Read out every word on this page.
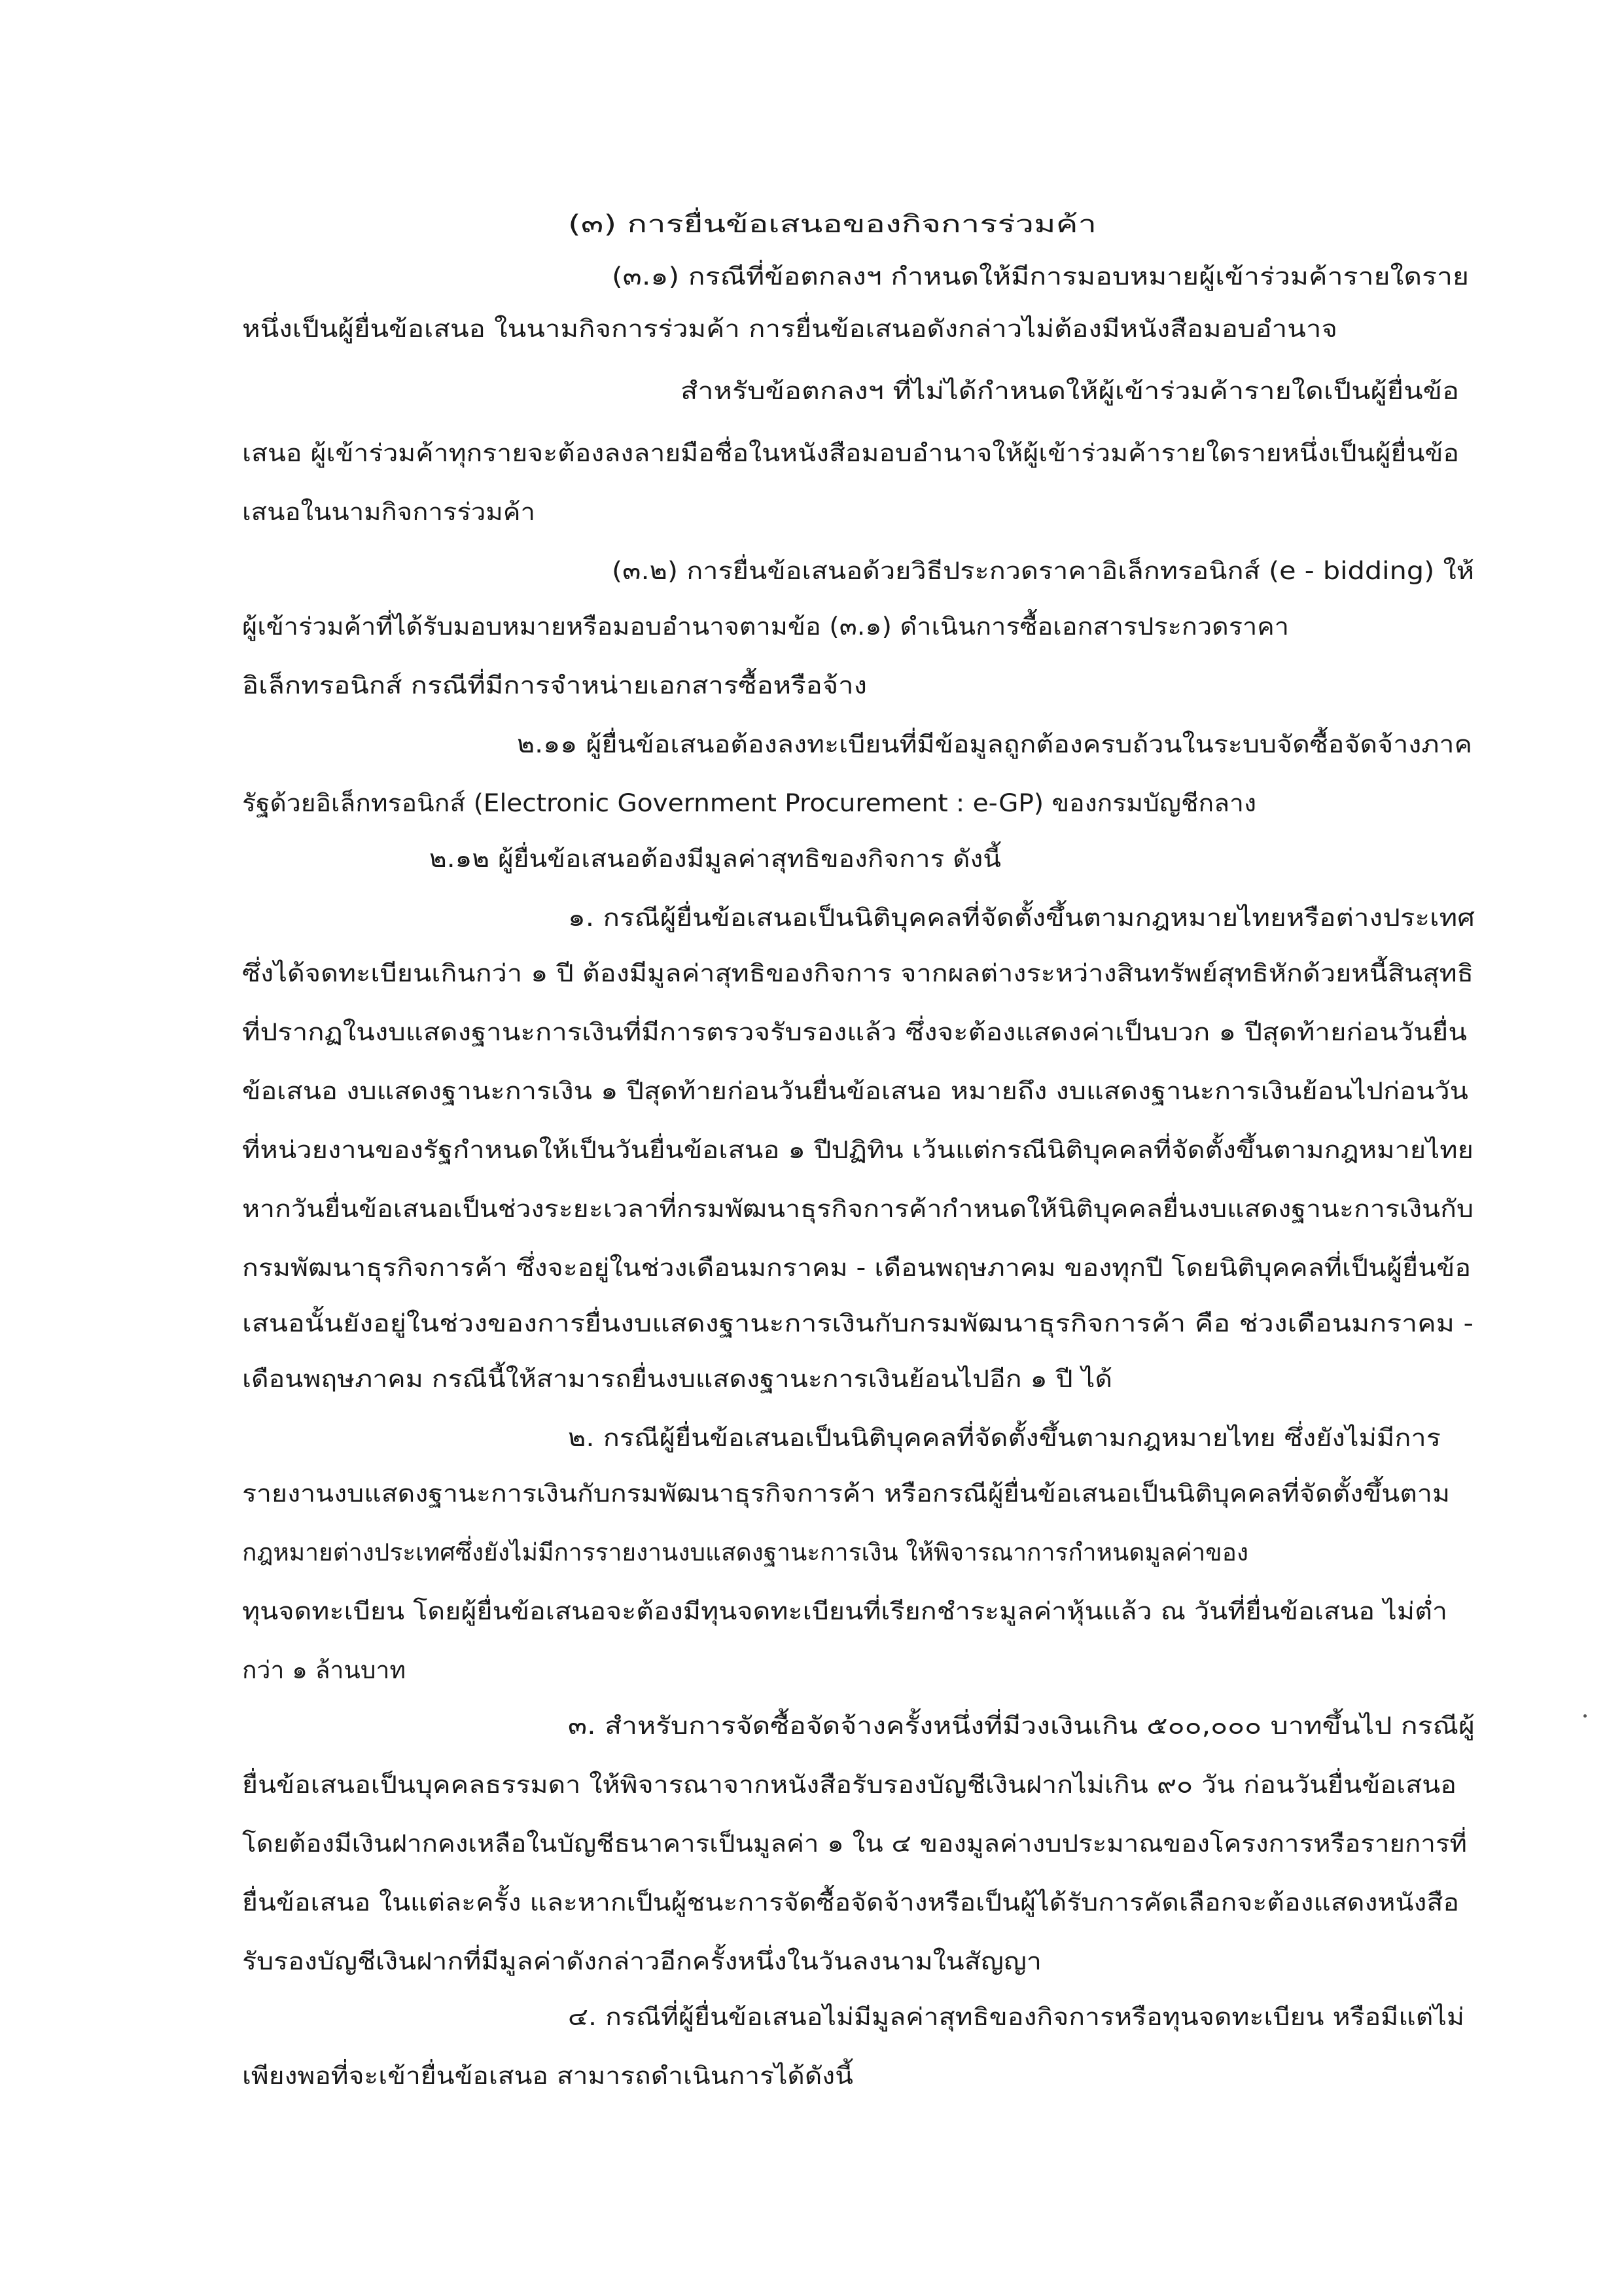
(๓) การยื่นข้อเสนอของกิจการร่วมค้า
(๓.๑) กรณีที่ข้อตกลงฯ กำหนดให้มีการมอบหมายผู้เข้าร่วมค้ารายใดราย
หนึ่งเป็นผู้ยื่นข้อเสนอ ในนามกิจการร่วมค้า การยื่นข้อเสนอดังกล่าวไม่ต้องมีหนังสือมอบอำนาจ
สำหรับข้อตกลงฯ ที่ไม่ได้กำหนดให้ผู้เข้าร่วมค้ารายใดเป็นผู้ยื่นข้อ
เสนอ ผู้เข้าร่วมค้าทุกรายจะต้องลงลายมือชื่อในหนังสือมอบอำนาจให้ผู้เข้าร่วมค้ารายใดรายหนึ่งเป็นผู้ยื่นข้อ
เสนอในนามกิจการร่วมค้า
(๓.๒) การยื่นข้อเสนอด้วยวิธีประกวดราคาอิเล็กทรอนิกส์ (e - bidding) ให้
ผู้เข้าร่วมค้าที่ได้รับมอบหมายหรือมอบอำนาจตามข้อ (๓.๑) ดำเนินการซื้อเอกสารประกวดราคา
อิเล็กทรอนิกส์ กรณีที่มีการจำหน่ายเอกสารซื้อหรือจ้าง
๒.๑๑ ผู้ยื่นข้อเสนอต้องลงทะเบียนที่มีข้อมูลถูกต้องครบถ้วนในระบบจัดซื้อจัดจ้างภาค
รัฐด้วยอิเล็กทรอนิกส์ (Electronic Government Procurement : e-GP) ของกรมบัญชีกลาง
๒.๑๒ ผู้ยื่นข้อเสนอต้องมีมูลค่าสุทธิของกิจการ ดังนี้
๑. กรณีผู้ยื่นข้อเสนอเป็นนิติบุคคลที่จัดตั้งขึ้นตามกฎหมายไทยหรือต่างประเทศ
ซึ่งได้จดทะเบียนเกินกว่า ๑ ปี ต้องมีมูลค่าสุทธิของกิจการ จากผลต่างระหว่างสินทรัพย์สุทธิหักด้วยหนี้สินสุทธิ
ที่ปรากฏในงบแสดงฐานะการเงินที่มีการตรวจรับรองแล้ว ซึ่งจะต้องแสดงค่าเป็นบวก ๑ ปีสุดท้ายก่อนวันยื่น
ข้อเสนอ งบแสดงฐานะการเงิน ๑ ปีสุดท้ายก่อนวันยื่นข้อเสนอ หมายถึง งบแสดงฐานะการเงินย้อนไปก่อนวัน
ที่หน่วยงานของรัฐกำหนดให้เป็นวันยื่นข้อเสนอ ๑ ปีปฏิทิน เว้นแต่กรณีนิติบุคคลที่จัดตั้งขึ้นตามกฎหมายไทย
หากวันยื่นข้อเสนอเป็นช่วงระยะเวลาที่กรมพัฒนาธุรกิจการค้ากำหนดให้นิติบุคคลยื่นงบแสดงฐานะการเงินกับ
กรมพัฒนาธุรกิจการค้า ซึ่งจะอยู่ในช่วงเดือนมกราคม - เดือนพฤษภาคม ของทุกปี โดยนิติบุคคลที่เป็นผู้ยื่นข้อ
เสนอนั้นยังอยู่ในช่วงของการยื่นงบแสดงฐานะการเงินกับกรมพัฒนาธุรกิจการค้า คือ ช่วงเดือนมกราคม -
เดือนพฤษภาคม กรณีนี้ให้สามารถยื่นงบแสดงฐานะการเงินย้อนไปอีก ๑ ปี ได้
๒. กรณีผู้ยื่นข้อเสนอเป็นนิติบุคคลที่จัดตั้งขึ้นตามกฎหมายไทย ซึ่งยังไม่มีการ
รายงานงบแสดงฐานะการเงินกับกรมพัฒนาธุรกิจการค้า หรือกรณีผู้ยื่นข้อเสนอเป็นนิติบุคคลที่จัดตั้งขึ้นตาม
กฎหมายต่างประเทศซึ่งยังไม่มีการรายงานงบแสดงฐานะการเงิน ให้พิจารณาการกำหนดมูลค่าของ
ทุนจดทะเบียน โดยผู้ยื่นข้อเสนอจะต้องมีทุนจดทะเบียนที่เรียกชำระมูลค่าหุ้นแล้ว ณ วันที่ยื่นข้อเสนอ ไม่ต่ำ
กว่า ๑ ล้านบาท
๓. สำหรับการจัดซื้อจัดจ้างครั้งหนึ่งที่มีวงเงินเกิน ๕๐๐,๐๐๐ บาทขึ้นไป กรณีผู้
ยื่นข้อเสนอเป็นบุคคลธรรมดา ให้พิจารณาจากหนังสือรับรองบัญชีเงินฝากไม่เกิน ๙๐ วัน ก่อนวันยื่นข้อเสนอ
โดยต้องมีเงินฝากคงเหลือในบัญชีธนาคารเป็นมูลค่า ๑ ใน ๔ ของมูลค่างบประมาณของโครงการหรือรายการที่
ยื่นข้อเสนอ ในแต่ละครั้ง และหากเป็นผู้ชนะการจัดซื้อจัดจ้างหรือเป็นผู้ได้รับการคัดเลือกจะต้องแสดงหนังสือ
รับรองบัญชีเงินฝากที่มีมูลค่าดังกล่าวอีกครั้งหนึ่งในวันลงนามในสัญญา
๔. กรณีที่ผู้ยื่นข้อเสนอไม่มีมูลค่าสุทธิของกิจการหรือทุนจดทะเบียน หรือมีแต่ไม่
เพียงพอที่จะเข้ายื่นข้อเสนอ สามารถดำเนินการได้ดังนี้
